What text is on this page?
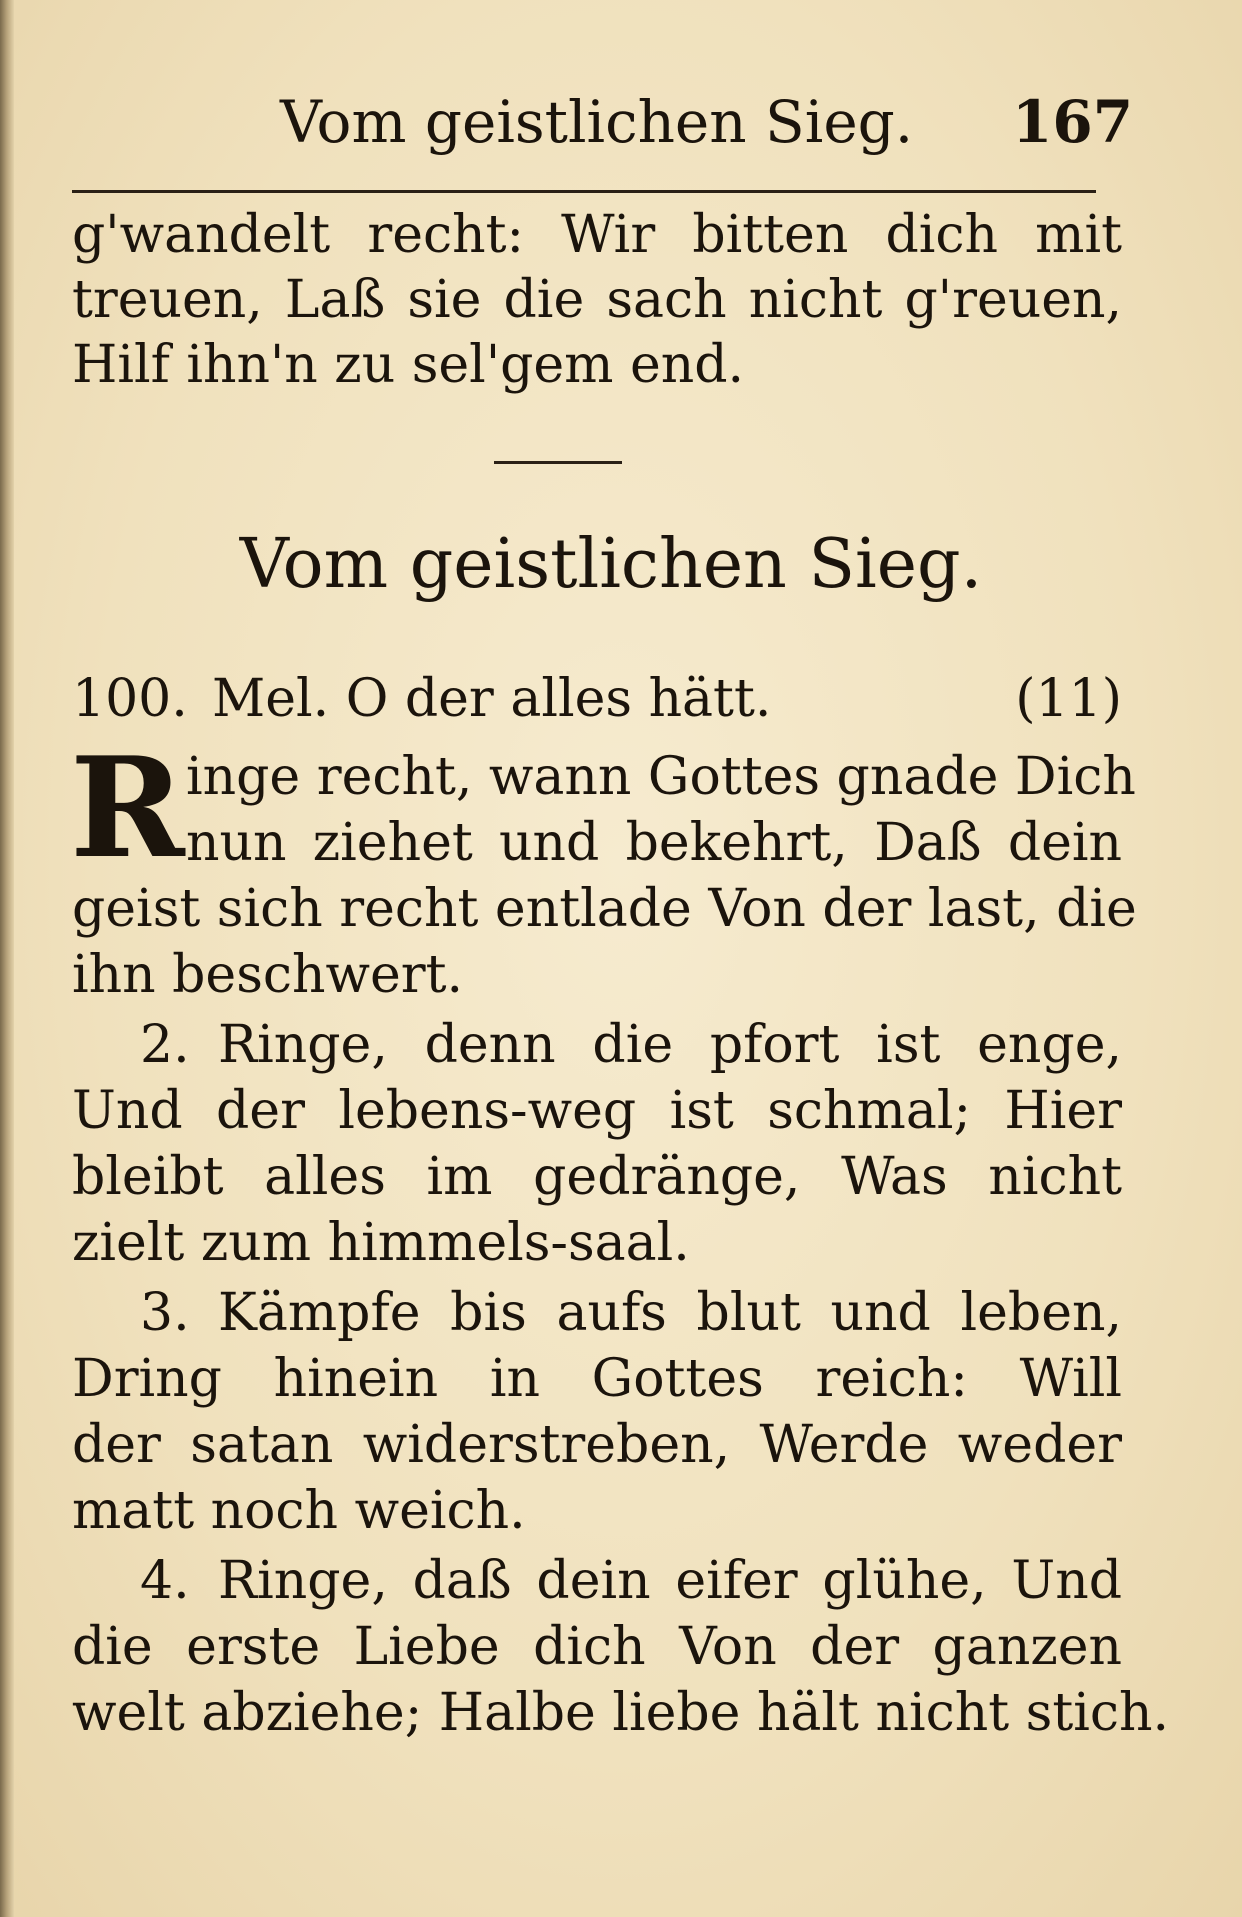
Vom geistlichen Sieg. 167
g'wandelt recht: Wir bitten dich mit
treuen, Laß sie die sach nicht g'reuen,
Hilf ihn'n zu sel'gem end.
Vom geistlichen Sieg.
100. Mel. O der alles hätt.	(11)
R inge recht, wann Gottes gnade Dich
nun ziehet und bekehrt, Daß dein
geist sich recht entlade Von der last, die
ihn beschwert.
2. Ringe, denn die pfort ist enge,
Und der lebens-weg ist schmal; Hier
bleibt alles im gedränge, Was nicht
zielt zum himmels-saal.
3. Kämpfe bis aufs blut und leben,
Dring hinein in Gottes reich: Will
der satan widerstreben, Werde weder
matt noch weich.
4. Ringe, daß dein eifer glühe, Und
die erste Liebe dich Von der ganzen
welt abziehe; Halbe liebe hält nicht stich.
